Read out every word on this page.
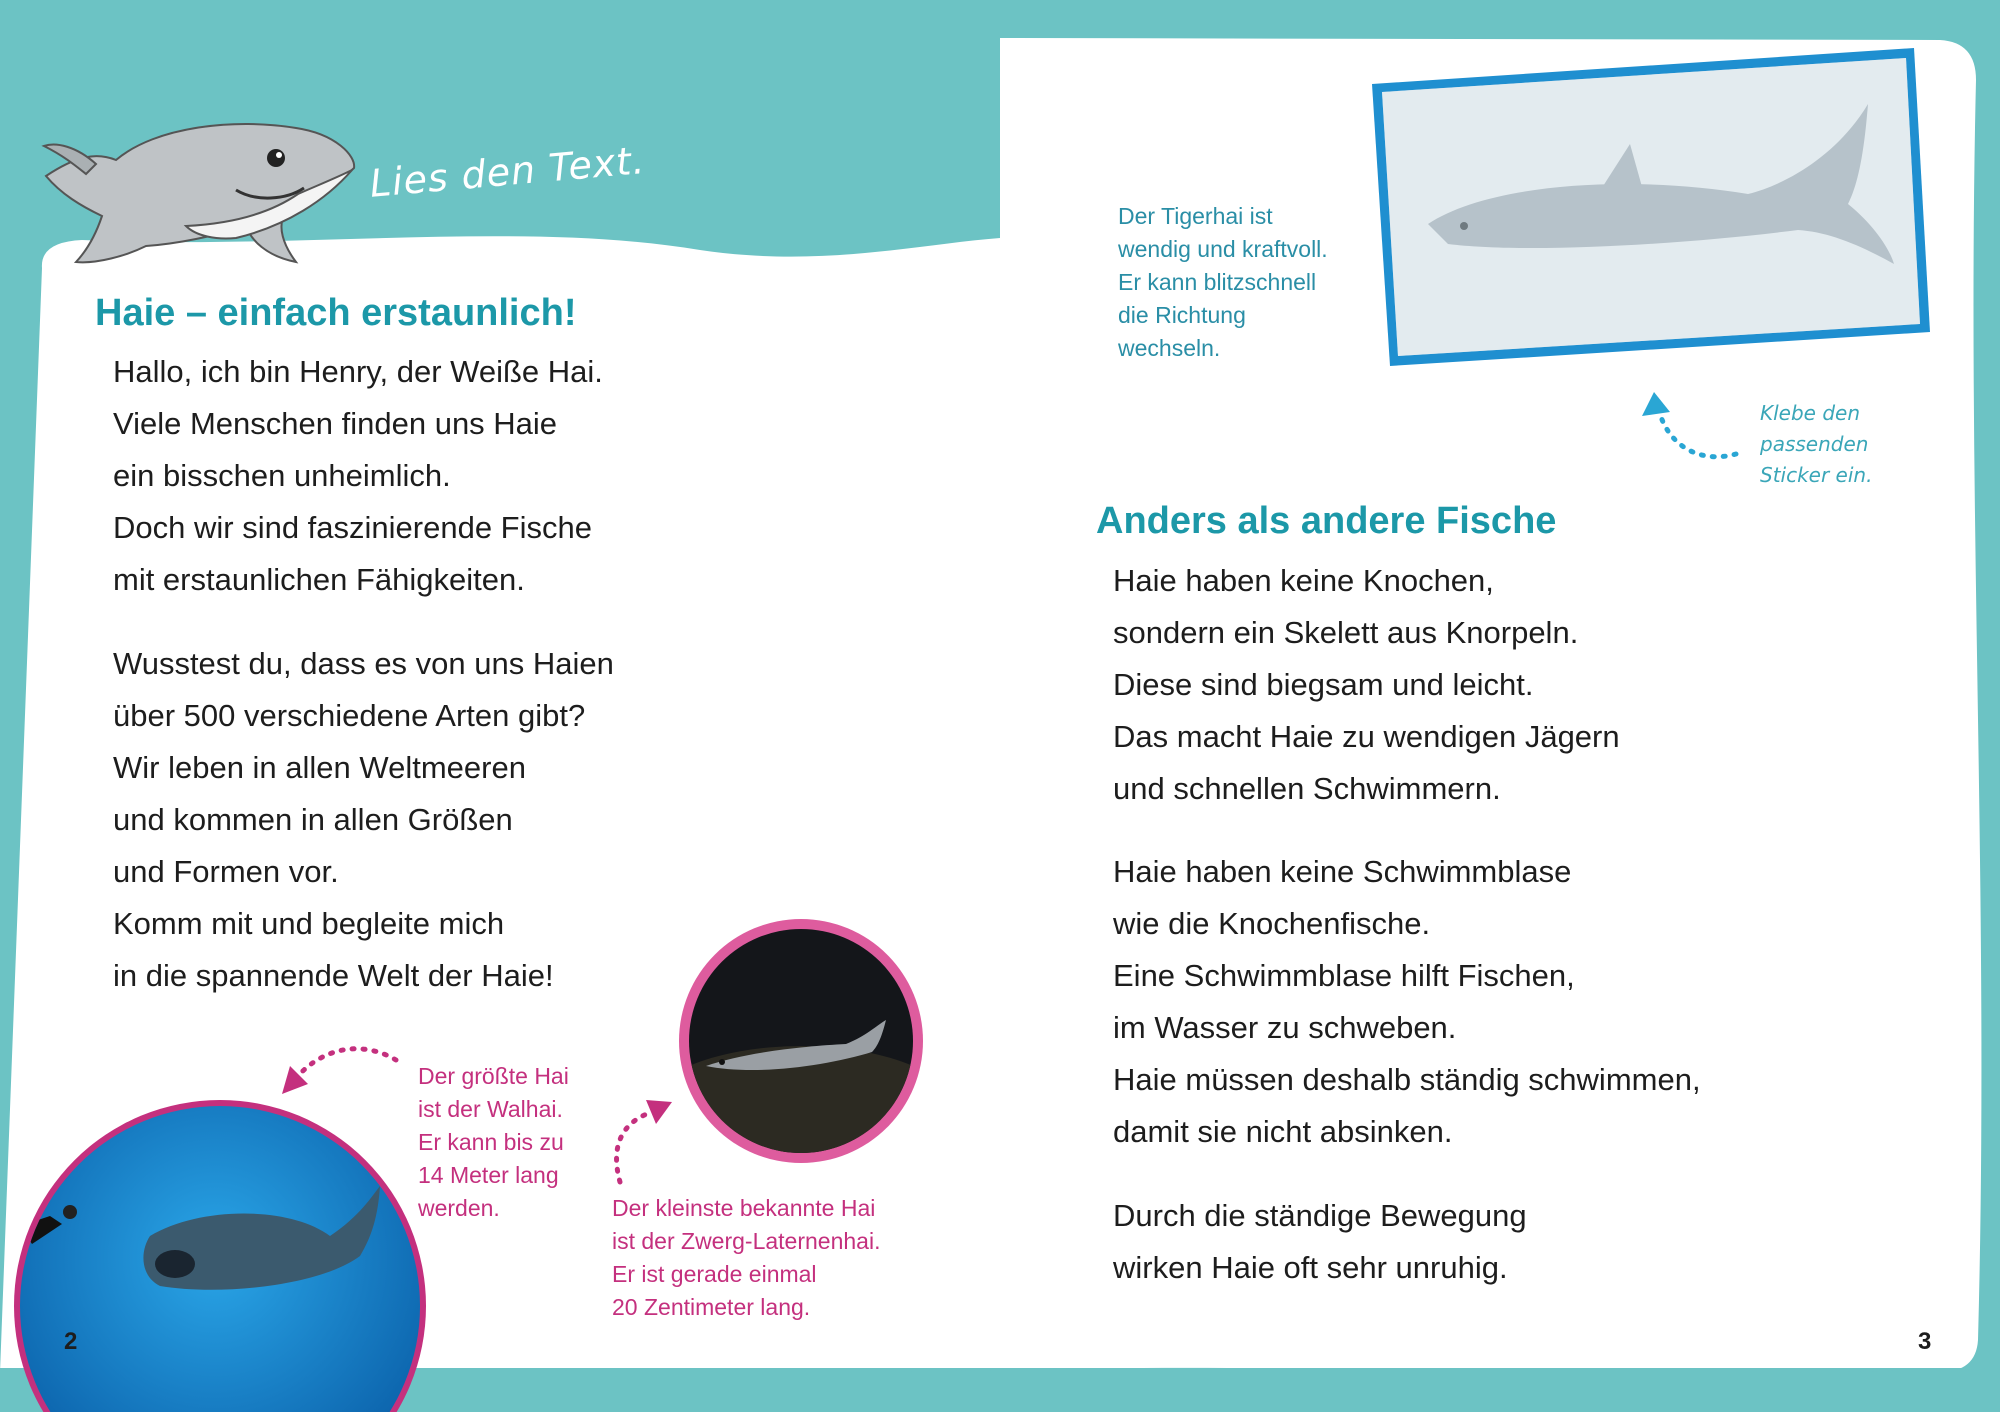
Lies den Text.
Haie – einfach erstaunlich!
Hallo, ich bin Henry, der Weiße Hai.
Viele Menschen finden uns Haie
ein bisschen unheimlich.
Doch wir sind faszinierende Fische
mit erstaunlichen Fähigkeiten.
Wusstest du, dass es von uns Haien
über 500 verschiedene Arten gibt?
Wir leben in allen Weltmeeren
und kommen in allen Größen
und Formen vor.
Komm mit und begleite mich
in die spannende Welt der Haie!

Der größte Hai
ist der Walhai.
Er kann bis zu
14 Meter lang
werden.	Der kleinste bekannte Hai
ist der Zwerg-Laternenhai.
Er ist gerade einmal
20 Zentimeter lang.

2

Der Tigerhai ist
wendig und kraftvoll.
Er kann blitzschnell
die Richtung
wechseln.

Klebe den
passenden
Sticker ein.

Anders als andere Fische
Haie haben keine Knochen,
sondern ein Skelett aus Knorpeln.
Diese sind biegsam und leicht.
Das macht Haie zu wendigen Jägern
und schnellen Schwimmern.
Haie haben keine Schwimmblase
wie die Knochenfische.
Eine Schwimmblase hilft Fischen,
im Wasser zu schweben.
Haie müssen deshalb ständig schwimmen,
damit sie nicht absinken.
Durch die ständige Bewegung
wirken Haie oft sehr unruhig.
3
